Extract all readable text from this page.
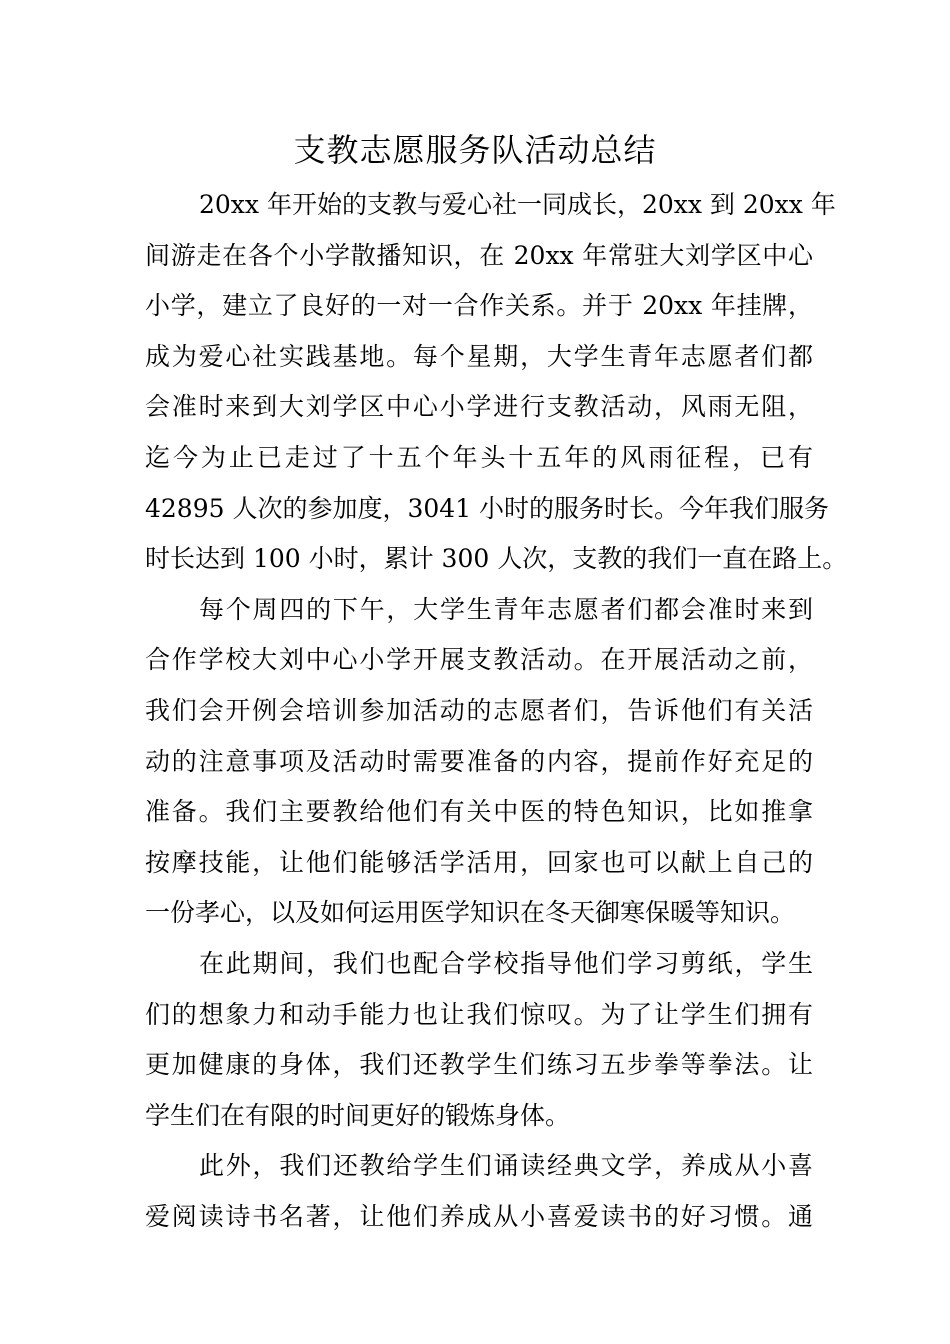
支教志愿服务队活动总结

20xx 年开始的支教与爱心社一同成长，20xx 到 20xx 年
间游走在各个小学散播知识，在 20xx 年常驻大刘学区中心
小学，建立了良好的一对一合作关系。并于 20xx 年挂牌，
成为爱心社实践基地。每个星期，大学生青年志愿者们都
会准时来到大刘学区中心小学进行支教活动，风雨无阻，
迄今为止已走过了十五个年头十五年的风雨征程，已有
42895 人次的参加度，3041 小时的服务时长。今年我们服务
时长达到 100 小时，累计 300 人次，支教的我们一直在路上。

每个周四的下午，大学生青年志愿者们都会准时来到
合作学校大刘中心小学开展支教活动。在开展活动之前，
我们会开例会培训参加活动的志愿者们，告诉他们有关活
动的注意事项及活动时需要准备的内容，提前作好充足的
准备。我们主要教给他们有关中医的特色知识，比如推拿
按摩技能，让他们能够活学活用，回家也可以献上自己的
一份孝心，以及如何运用医学知识在冬天御寒保暖等知识。

在此期间，我们也配合学校指导他们学习剪纸，学生
们的想象力和动手能力也让我们惊叹。为了让学生们拥有
更加健康的身体，我们还教学生们练习五步拳等拳法。让
学生们在有限的时间更好的锻炼身体。

此外，我们还教给学生们诵读经典文学，养成从小喜
爱阅读诗书名著，让他们养成从小喜爱读书的好习惯。通
